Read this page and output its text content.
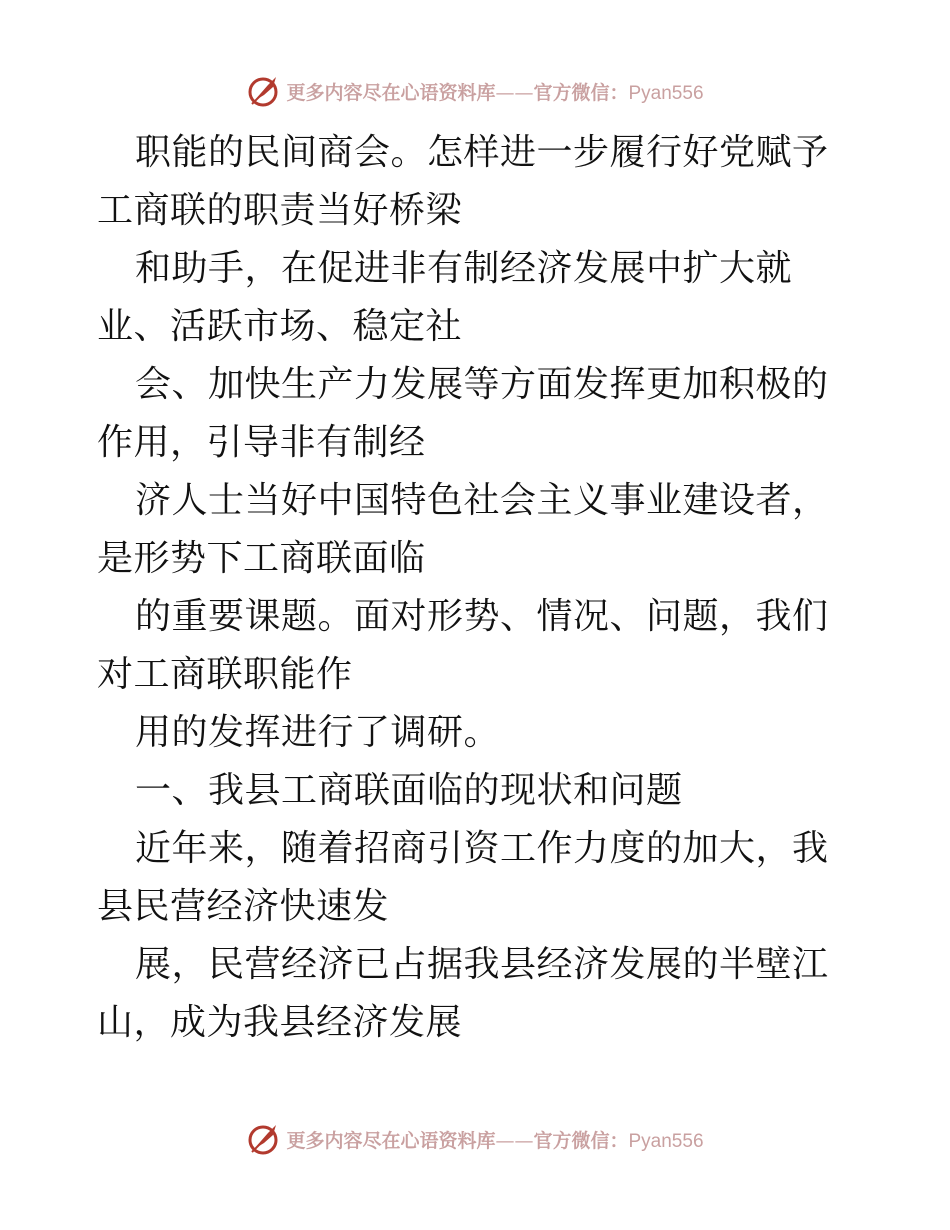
更多内容尽在心语资料库——官方微信：Pyan556

职能的民间商会。怎样进一步履行好党赋予工商联的职责当好桥梁

和助手，在促进非有制经济发展中扩大就业、活跃市场、稳定社

会、加快生产力发展等方面发挥更加积极的作用，引导非有制经

济人士当好中国特色社会主义事业建设者，是形势下工商联面临

的重要课题。面对形势、情况、问题，我们对工商联职能作

用的发挥进行了调研。

一、我县工商联面临的现状和问题

近年来，随着招商引资工作力度的加大，我县民营经济快速发

展，民营经济已占据我县经济发展的半壁江山，成为我县经济发展

更多内容尽在心语资料库——官方微信：Pyan556
